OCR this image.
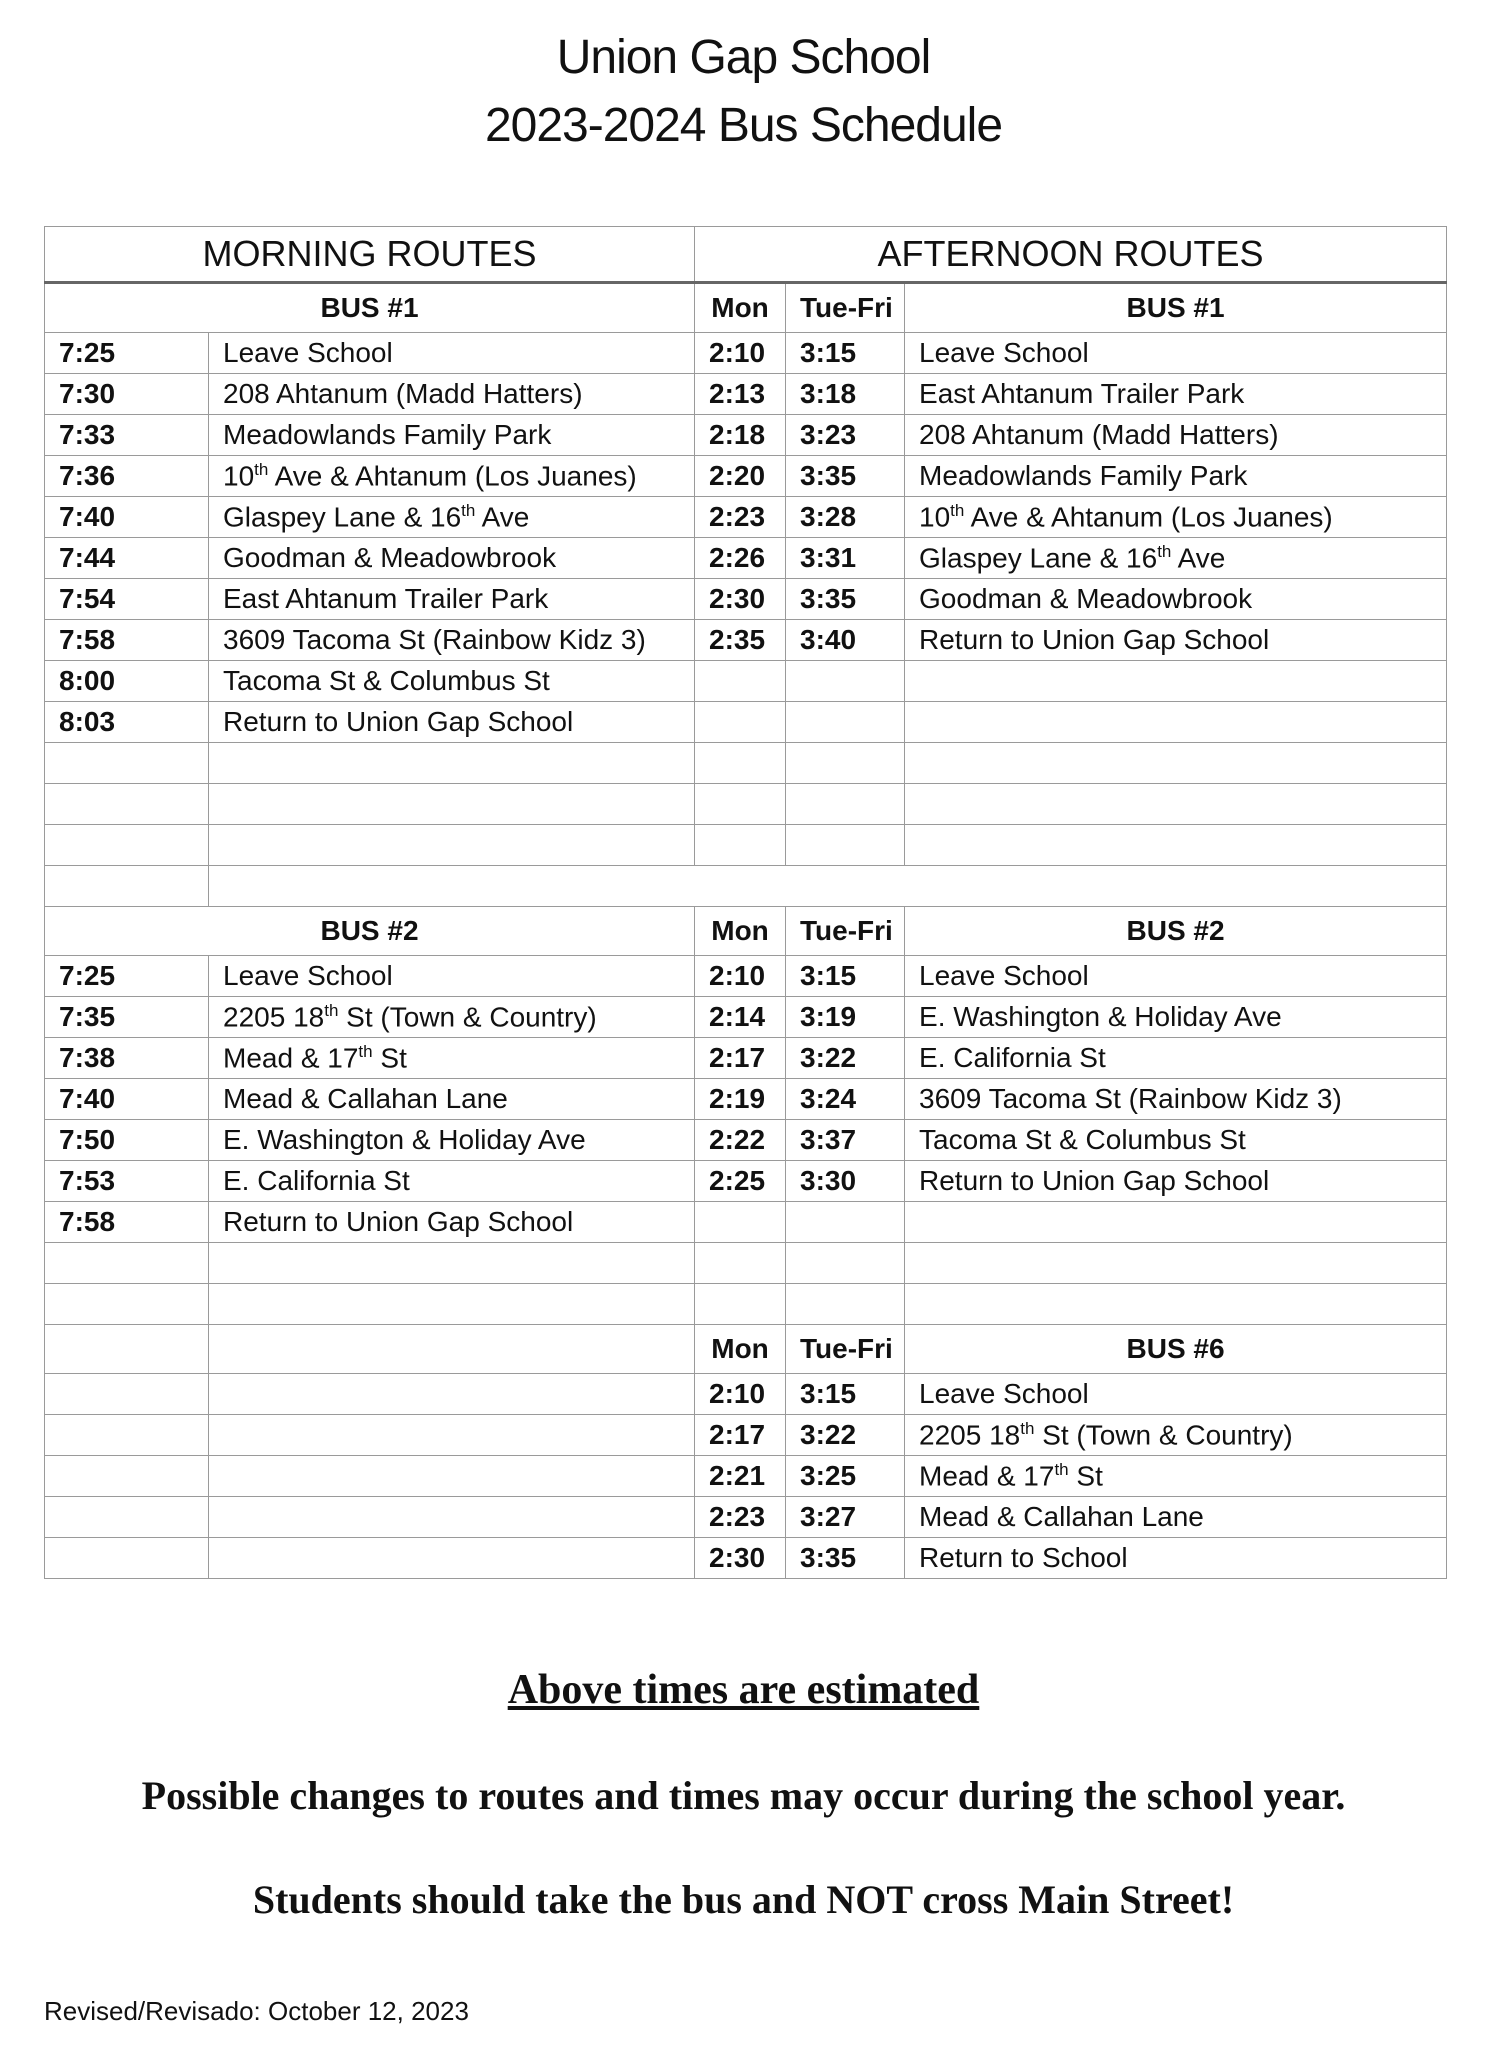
Union Gap School
2023-2024 Bus Schedule
MORNING ROUTES		AFTERNOON ROUTES		
BUS #1		Mon	Tue-Fri	BUS #1
7:25	Leave School	2:10	3:15	Leave School
7:30	208 Ahtanum (Madd Hatters)	2:13	3:18	East Ahtanum Trailer Park
7:33	Meadowlands Family Park	2:18	3:23	208 Ahtanum (Madd Hatters)
7:36	10th Ave & Ahtanum (Los Juanes)	2:20	3:35	Meadowlands Family Park
7:40	Glaspey Lane & 16th Ave	2:23	3:28	10th Ave & Ahtanum (Los Juanes)
7:44	Goodman & Meadowbrook	2:26	3:31	Glaspey Lane & 16th Ave
7:54	East Ahtanum Trailer Park	2:30	3:35	Goodman & Meadowbrook
7:58	3609 Tacoma St (Rainbow Kidz 3)	2:35	3:40	Return to Union Gap School
8:00	Tacoma St & Columbus St			
8:03	Return to Union Gap School			

BUS #2		Mon	Tue-Fri	BUS #2
7:25	Leave School	2:10	3:15	Leave School
7:35	2205 18th St (Town & Country)	2:14	3:19	E. Washington & Holiday Ave
7:38	Mead & 17th St	2:17	3:22	E. California St
7:40	Mead & Callahan Lane	2:19	3:24	3609 Tacoma St (Rainbow Kidz 3)
7:50	E. Washington & Holiday Ave	2:22	3:37	Tacoma St & Columbus St
7:53	E. California St	2:25	3:30	Return to Union Gap School
7:58	Return to Union Gap School			

		Mon	Tue-Fri	BUS #6
		2:10	3:15	Leave School
		2:17	3:22	2205 18th St (Town & Country)
		2:21	3:25	Mead & 17th St
		2:23	3:27	Mead & Callahan Lane
		2:30	3:35	Return to School
Above times are estimated
Possible changes to routes and times may occur during the school year.
Students should take the bus and NOT cross Main Street!
Revised/Revisado: October 12, 2023
